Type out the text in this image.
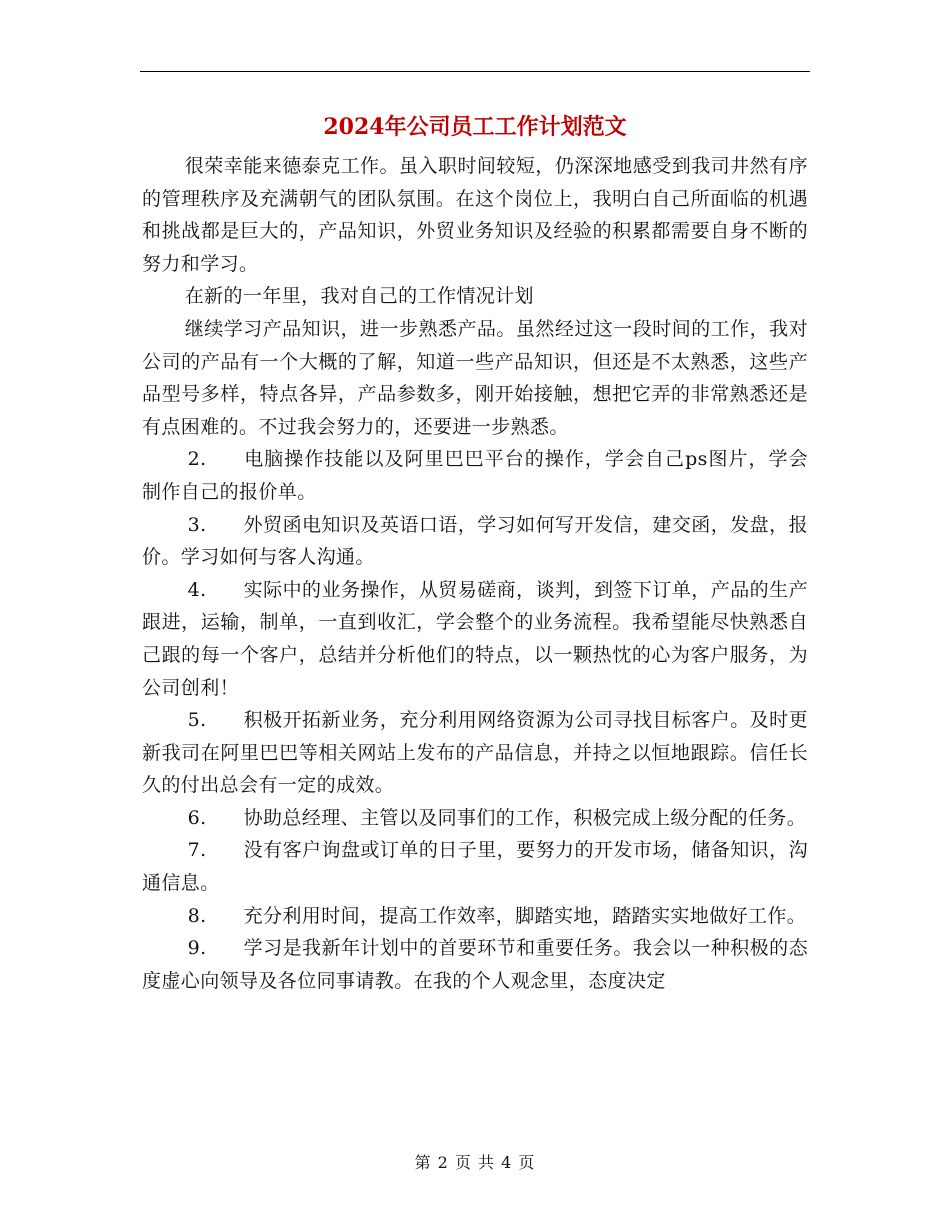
2024年公司员工工作计划范文

很荣幸能来德泰克工作。虽入职时间较短，仍深深地感受到我司井然有序的管理秩序及充满朝气的团队氛围。在这个岗位上，我明白自己所面临的机遇和挑战都是巨大的，产品知识，外贸业务知识及经验的积累都需要自身不断的努力和学习。

在新的一年里，我对自己的工作情况计划

继续学习产品知识，进一步熟悉产品。虽然经过这一段时间的工作，我对公司的产品有一个大概的了解，知道一些产品知识，但还是不太熟悉，这些产品型号多样，特点各异，产品参数多，刚开始接触，想把它弄的非常熟悉还是有点困难的。不过我会努力的，还要进一步熟悉。

2. 电脑操作技能以及阿里巴巴平台的操作，学会自己ps图片，学会制作自己的报价单。

3. 外贸函电知识及英语口语，学习如何写开发信，建交函，发盘，报价。学习如何与客人沟通。

4. 实际中的业务操作，从贸易磋商，谈判，到签下订单，产品的生产跟进，运输，制单，一直到收汇，学会整个的业务流程。我希望能尽快熟悉自己跟的每一个客户，总结并分析他们的特点，以一颗热忱的心为客户服务，为公司创利！

5. 积极开拓新业务，充分利用网络资源为公司寻找目标客户。及时更新我司在阿里巴巴等相关网站上发布的产品信息，并持之以恒地跟踪。信任长久的付出总会有一定的成效。

6. 协助总经理、主管以及同事们的工作，积极完成上级分配的任务。

7. 没有客户询盘或订单的日子里，要努力的开发市场，储备知识，沟通信息。

8. 充分利用时间，提高工作效率，脚踏实地，踏踏实实地做好工作。

9. 学习是我新年计划中的首要环节和重要任务。我会以一种积极的态度虚心向领导及各位同事请教。在我的个人观念里，态度决定

第 2 页 共 4 页
